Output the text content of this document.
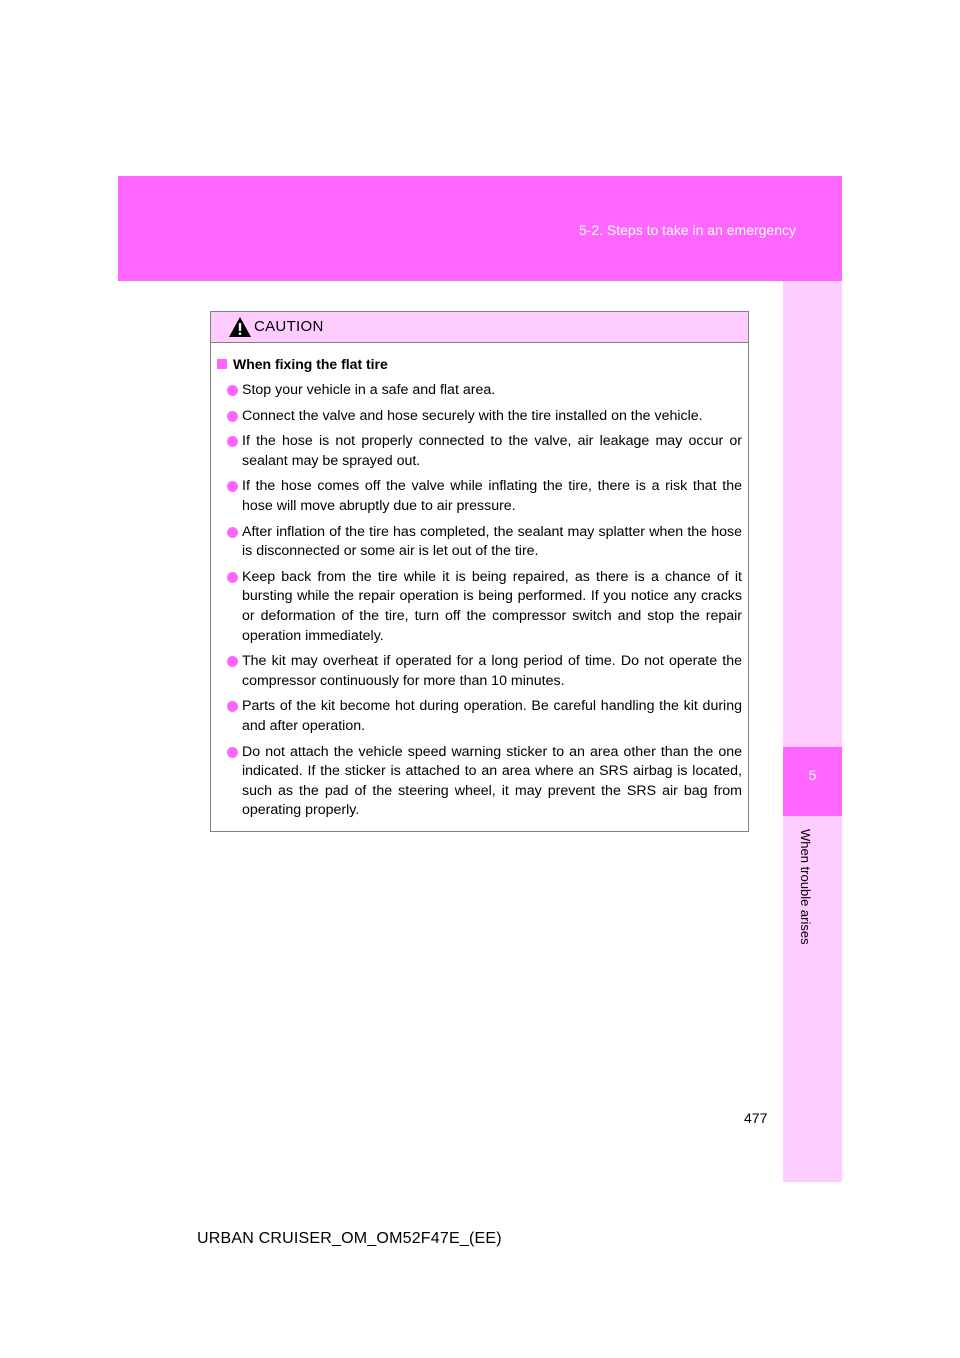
5-2. Steps to take in an emergency
5
When trouble arises
CAUTION
When fixing the flat tire
Stop your vehicle in a safe and flat area.
Connect the valve and hose securely with the tire installed on the vehicle.
If the hose is not properly connected to the valve, air leakage may occur or sealant may be sprayed out.
If the hose comes off the valve while inflating the tire, there is a risk that the hose will move abruptly due to air pressure.
After inflation of the tire has completed, the sealant may splatter when the hose is disconnected or some air is let out of the tire.
Keep back from the tire while it is being repaired, as there is a chance of it bursting while the repair operation is being performed. If you notice any cracks or deformation of the tire, turn off the compressor switch and stop the repair operation immediately.
The kit may overheat if operated for a long period of time. Do not operate the compressor continuously for more than 10 minutes.
Parts of the kit become hot during operation. Be careful handling the kit during and after operation.
Do not attach the vehicle speed warning sticker to an area other than the one indicated. If the sticker is attached to an area where an SRS airbag is located, such as the pad of the steering wheel, it may prevent the SRS air bag from operating properly.
477
URBAN CRUISER_OM_OM52F47E_(EE)
